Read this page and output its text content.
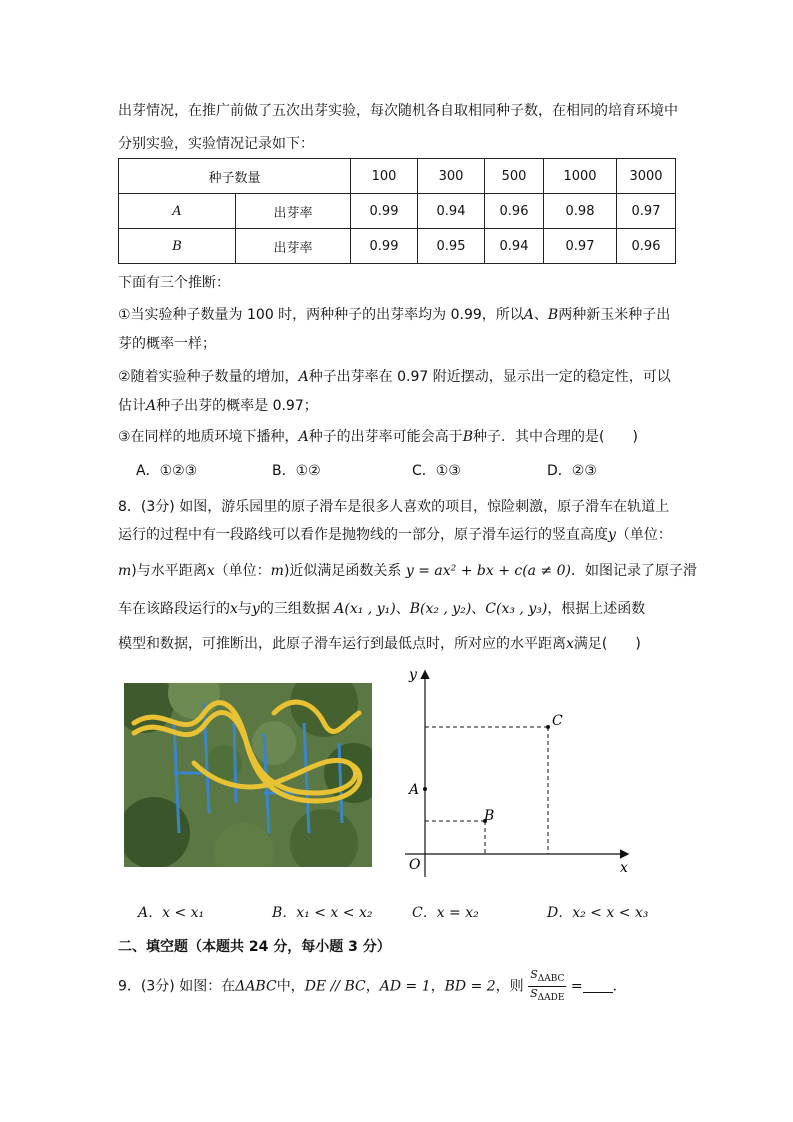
出芽情况，在推广前做了五次出芽实验，每次随机各自取相同种子数，在相同的培育环境中
分别实验，实验情况记录如下：
种子数量		100	300	500	1000	3000
A	出芽率	0.99	0.94	0.96	0.98	0.97
B	出芽率	0.99	0.95	0.94	0.97	0.96
下面有三个推断：
①当实验种子数量为 100 时，两种种子的出芽率均为 0.99，所以A、B两种新玉米种子出
芽的概率一样；
②随着实验种子数量的增加，A种子出芽率在 0.97 附近摆动，显示出一定的稳定性，可以
估计A种子出芽的概率是 0.97；
③在同样的地质环境下播种，A种子的出芽率可能会高于B种子．其中合理的是(　　)
A．①②③	B．①②	C．①③	D．②③
8．(3分) 如图，游乐园里的原子滑车是很多人喜欢的项目，惊险刺激，原子滑车在轨道上
运行的过程中有一段路线可以看作是抛物线的一部分，原子滑车运行的竖直高度y（单位：
m)与水平距离x（单位：m)近似满足函数关系 y = ax² + bx + c(a ≠ 0)．如图记录了原子滑
车在该路段运行的x与y的三组数据 A(x₁ , y₁)、B(x₂ , y₂)、C(x₃ , y₃)，根据上述函数
模型和数据，可推断出，此原子滑车运行到最低点时，所对应的水平距离x满足(　　)
y
x
O
A
B
C
A．x < x₁	B．x₁ < x < x₂	C．x = x₂	D．x₂ < x < x₃
二、填空题（本题共 24 分，每小题 3 分）
9．(3分) 如图：在ΔABC中，DE // BC，AD = 1，BD = 2，则 $\frac{S_{\Delta ABC}}{S_{\Delta ADE}}$ = ．
